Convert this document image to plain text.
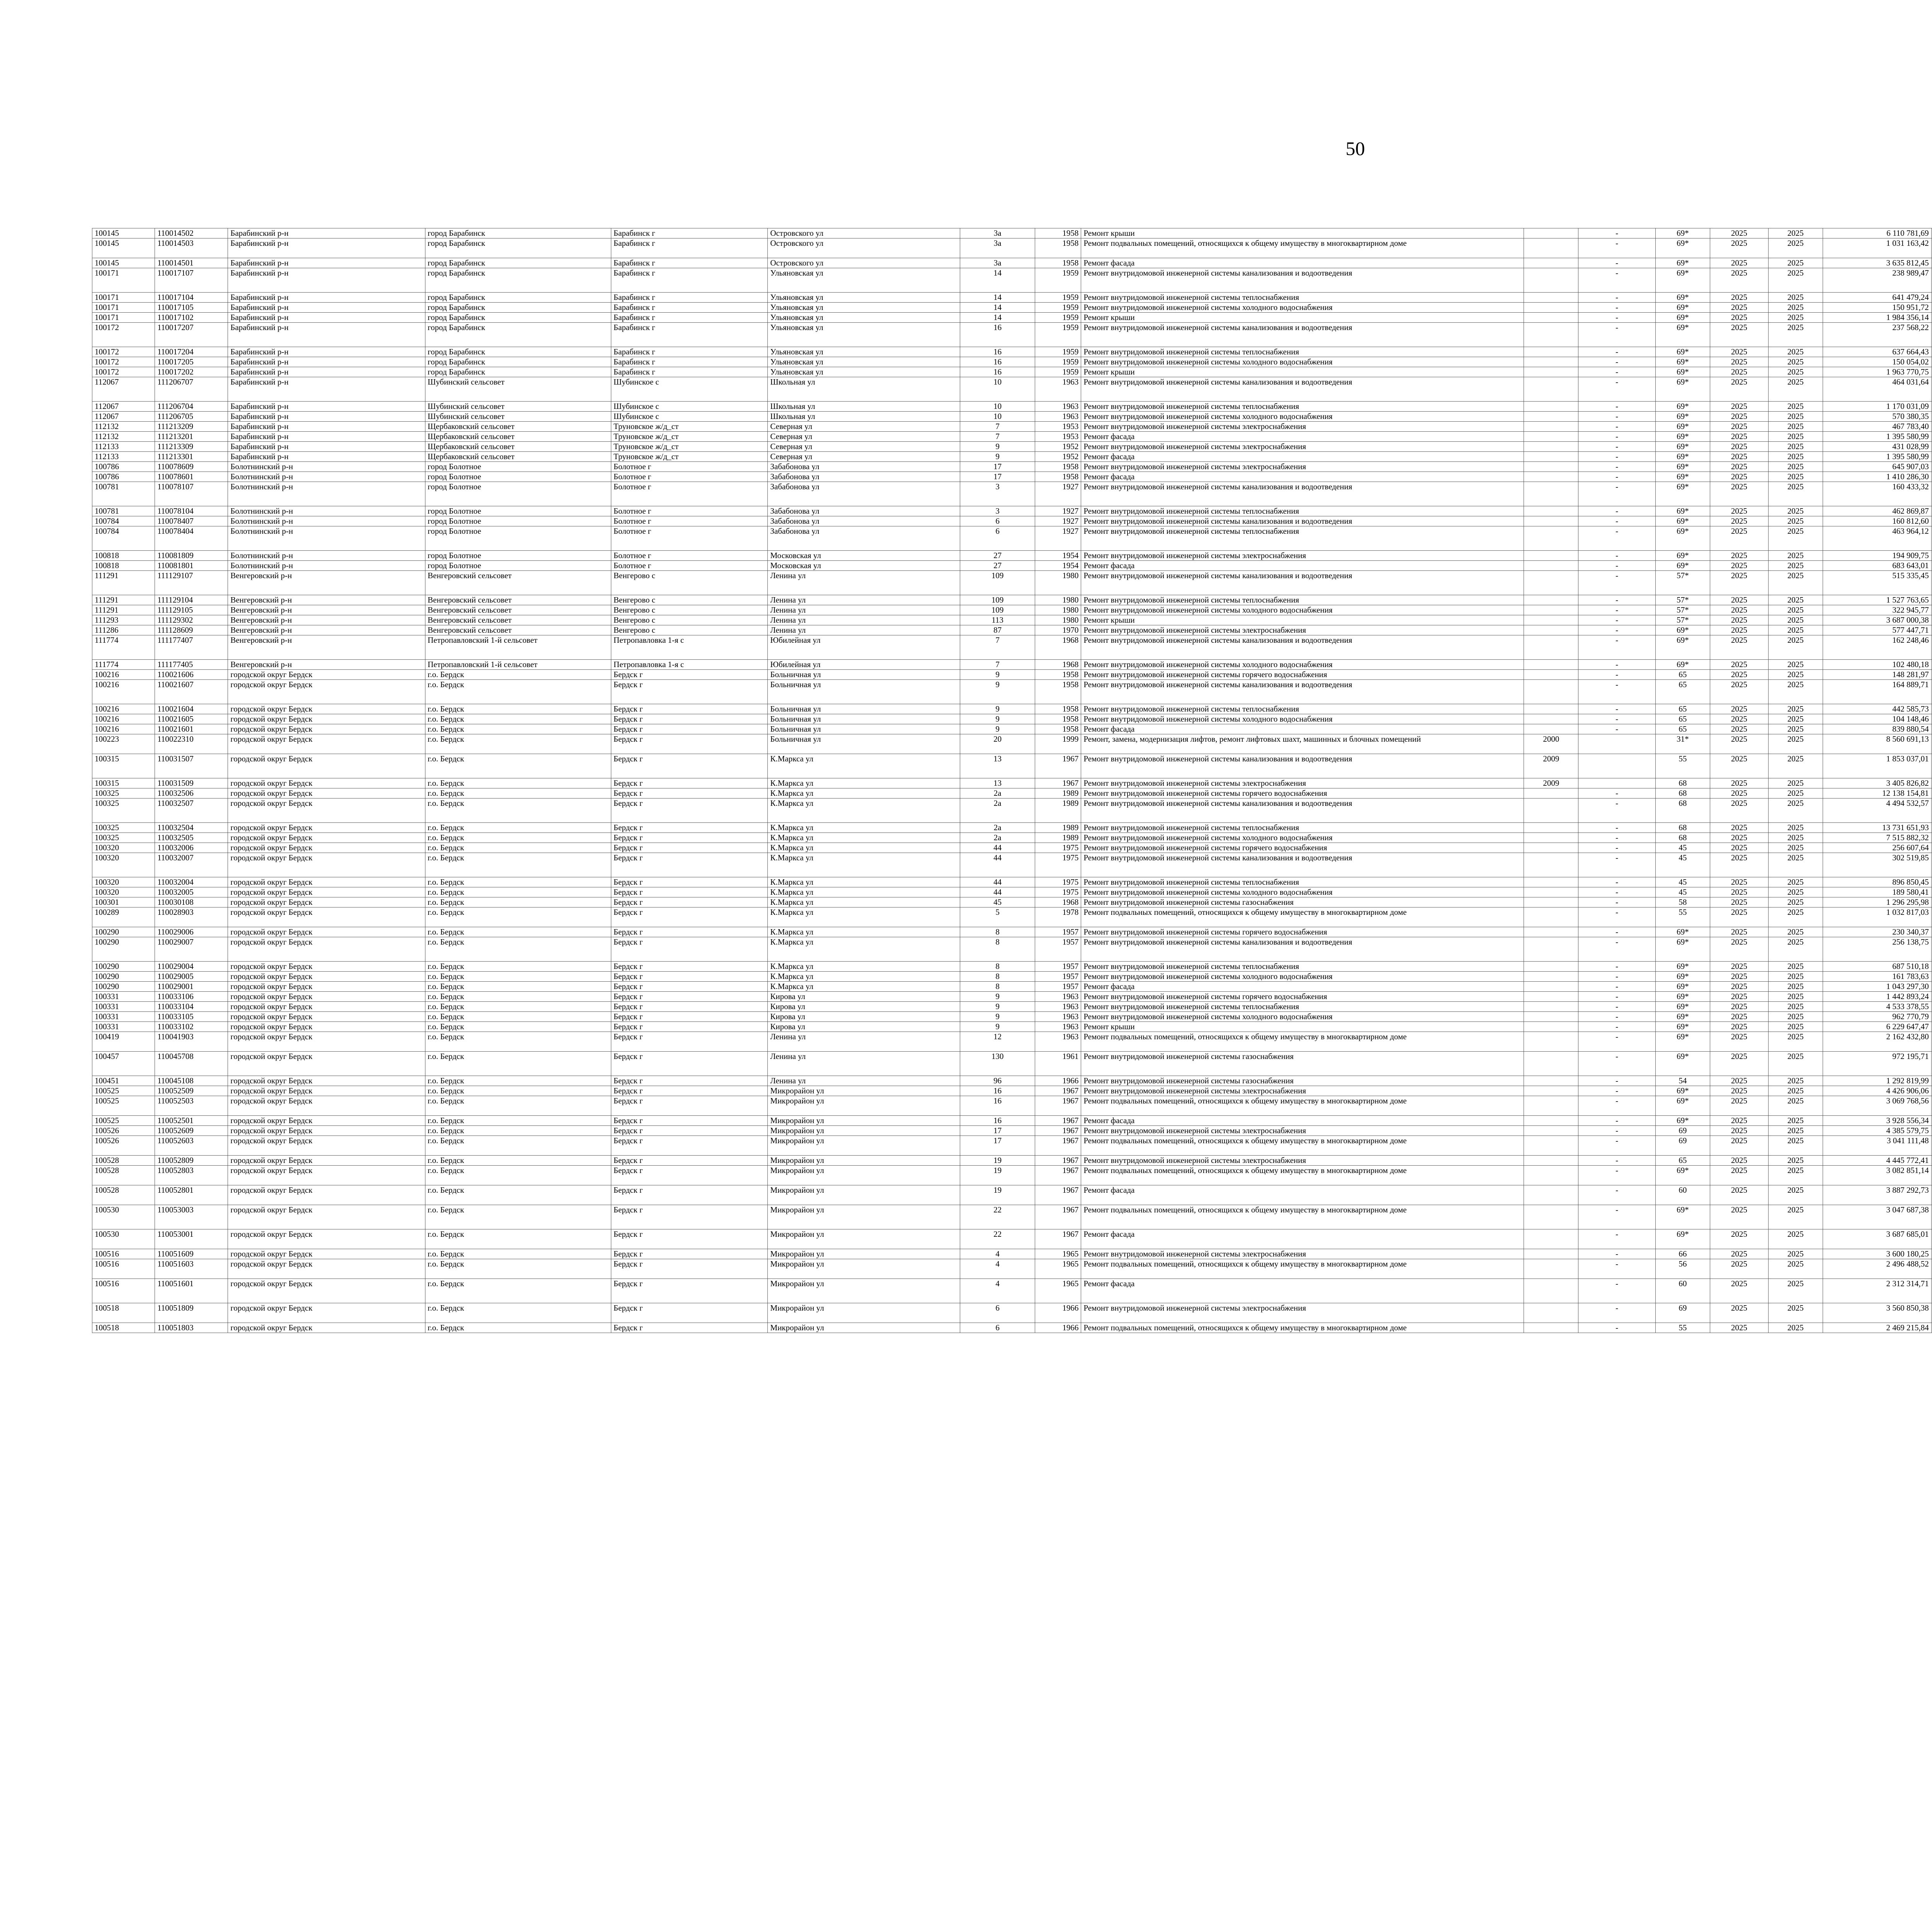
50
100145	110014502	Барабинский р-н	город Барабинск	Барабинск г	Островского ул	3а	1958	Ремонт крыши		-	69*	2025	2025	6 110 781,69								
100145	110014503	Барабинский р-н	город Барабинск	Барабинск г	Островского ул	3а	1958	Ремонт подвальных помещений, относящихся к общему имуществу в многоквартирном доме		-	69*	2025	2025	1 031 163,42								
100145	110014501	Барабинский р-н	город Барабинск	Барабинск г	Островского ул	3а	1958	Ремонт фасада		-	69*	2025	2025	3 635 812,45								
100171	110017107	Барабинский р-н	город Барабинск	Барабинск г	Ульяновская ул	14	1959	Ремонт внутридомовой инженерной системы канализования и водоотведения		-	69*	2025	2025	238 989,47								
100171	110017104	Барабинский р-н	город Барабинск	Барабинск г	Ульяновская ул	14	1959	Ремонт внутридомовой инженерной системы теплоснабжения		-	69*	2025	2025	641 479,24								
100171	110017105	Барабинский р-н	город Барабинск	Барабинск г	Ульяновская ул	14	1959	Ремонт внутридомовой инженерной системы холодного водоснабжения		-	69*	2025	2025	150 951,72								
100171	110017102	Барабинский р-н	город Барабинск	Барабинск г	Ульяновская ул	14	1959	Ремонт крыши		-	69*	2025	2025	1 984 356,14								
100172	110017207	Барабинский р-н	город Барабинск	Барабинск г	Ульяновская ул	16	1959	Ремонт внутридомовой инженерной системы канализования и водоотведения		-	69*	2025	2025	237 568,22								
100172	110017204	Барабинский р-н	город Барабинск	Барабинск г	Ульяновская ул	16	1959	Ремонт внутридомовой инженерной системы теплоснабжения		-	69*	2025	2025	637 664,43								
100172	110017205	Барабинский р-н	город Барабинск	Барабинск г	Ульяновская ул	16	1959	Ремонт внутридомовой инженерной системы холодного водоснабжения		-	69*	2025	2025	150 054,02								
100172	110017202	Барабинский р-н	город Барабинск	Барабинск г	Ульяновская ул	16	1959	Ремонт крыши		-	69*	2025	2025	1 963 770,75								
112067	111206707	Барабинский р-н	Шубинский сельсовет	Шубинское с	Школьная ул	10	1963	Ремонт внутридомовой инженерной системы канализования и водоотведения		-	69*	2025	2025	464 031,64								
112067	111206704	Барабинский р-н	Шубинский сельсовет	Шубинское с	Школьная ул	10	1963	Ремонт внутридомовой инженерной системы теплоснабжения		-	69*	2025	2025	1 170 031,09								
112067	111206705	Барабинский р-н	Шубинский сельсовет	Шубинское с	Школьная ул	10	1963	Ремонт внутридомовой инженерной системы холодного водоснабжения		-	69*	2025	2025	570 380,35								
112132	111213209	Барабинский р-н	Щербаковский сельсовет	Труновское ж/д_ст	Северная ул	7	1953	Ремонт внутридомовой инженерной системы электроснабжения		-	69*	2025	2025	467 783,40								
112132	111213201	Барабинский р-н	Щербаковский сельсовет	Труновское ж/д_ст	Северная ул	7	1953	Ремонт фасада		-	69*	2025	2025	1 395 580,99								
112133	111213309	Барабинский р-н	Щербаковский сельсовет	Труновское ж/д_ст	Северная ул	9	1952	Ремонт внутридомовой инженерной системы электроснабжения		-	69*	2025	2025	431 028,99								
112133	111213301	Барабинский р-н	Щербаковский сельсовет	Труновское ж/д_ст	Северная ул	9	1952	Ремонт фасада		-	69*	2025	2025	1 395 580,99								
100786	110078609	Болотнинский р-н	город Болотное	Болотное г	Забабонова ул	17	1958	Ремонт внутридомовой инженерной системы электроснабжения		-	69*	2025	2025	645 907,03								
100786	110078601	Болотнинский р-н	город Болотное	Болотное г	Забабонова ул	17	1958	Ремонт фасада		-	69*	2025	2025	1 410 286,30								
100781	110078107	Болотнинский р-н	город Болотное	Болотное г	Забабонова ул	3	1927	Ремонт внутридомовой инженерной системы канализования и водоотведения		-	69*	2025	2025	160 433,32								
100781	110078104	Болотнинский р-н	город Болотное	Болотное г	Забабонова ул	3	1927	Ремонт внутридомовой инженерной системы теплоснабжения		-	69*	2025	2025	462 869,87								
100784	110078407	Болотнинский р-н	город Болотное	Болотное г	Забабонова ул	6	1927	Ремонт внутридомовой инженерной системы канализования и водоотведения		-	69*	2025	2025	160 812,60								
100784	110078404	Болотнинский р-н	город Болотное	Болотное г	Забабонова ул	6	1927	Ремонт внутридомовой инженерной системы теплоснабжения		-	69*	2025	2025	463 964,12								
100818	110081809	Болотнинский р-н	город Болотное	Болотное г	Московская ул	27	1954	Ремонт внутридомовой инженерной системы электроснабжения		-	69*	2025	2025	194 909,75								
100818	110081801	Болотнинский р-н	город Болотное	Болотное г	Московская ул	27	1954	Ремонт фасада		-	69*	2025	2025	683 643,01								
111291	111129107	Венгеровский р-н	Венгеровский сельсовет	Венгерово с	Ленина ул	109	1980	Ремонт внутридомовой инженерной системы канализования и водоотведения		-	57*	2025	2025	515 335,45								
111291	111129104	Венгеровский р-н	Венгеровский сельсовет	Венгерово с	Ленина ул	109	1980	Ремонт внутридомовой инженерной системы теплоснабжения		-	57*	2025	2025	1 527 763,65								
111291	111129105	Венгеровский р-н	Венгеровский сельсовет	Венгерово с	Ленина ул	109	1980	Ремонт внутридомовой инженерной системы холодного водоснабжения		-	57*	2025	2025	322 945,77								
111293	111129302	Венгеровский р-н	Венгеровский сельсовет	Венгерово с	Ленина ул	113	1980	Ремонт крыши		-	57*	2025	2025	3 687 000,38								
111286	111128609	Венгеровский р-н	Венгеровский сельсовет	Венгерово с	Ленина ул	87	1970	Ремонт внутридомовой инженерной системы электроснабжения		-	69*	2025	2025	577 447,71								
111774	111177407	Венгеровский р-н	Петропавловский 1-й сельсовет	Петропавловка 1-я с	Юбилейная ул	7	1968	Ремонт внутридомовой инженерной системы канализования и водоотведения		-	69*	2025	2025	162 248,46								
111774	111177405	Венгеровский р-н	Петропавловский 1-й сельсовет	Петропавловка 1-я с	Юбилейная ул	7	1968	Ремонт внутридомовой инженерной системы холодного водоснабжения		-	69*	2025	2025	102 480,18								
100216	110021606	городской округ Бердск	г.о. Бердск	Бердск г	Больничная ул	9	1958	Ремонт внутридомовой инженерной системы горячего водоснабжения		-	65	2025	2025	148 281,97								
100216	110021607	городской округ Бердск	г.о. Бердск	Бердск г	Больничная ул	9	1958	Ремонт внутридомовой инженерной системы канализования и водоотведения		-	65	2025	2025	164 889,71								
100216	110021604	городской округ Бердск	г.о. Бердск	Бердск г	Больничная ул	9	1958	Ремонт внутридомовой инженерной системы теплоснабжения		-	65	2025	2025	442 585,73								
100216	110021605	городской округ Бердск	г.о. Бердск	Бердск г	Больничная ул	9	1958	Ремонт внутридомовой инженерной системы холодного водоснабжения		-	65	2025	2025	104 148,46								
100216	110021601	городской округ Бердск	г.о. Бердск	Бердск г	Больничная ул	9	1958	Ремонт фасада		-	65	2025	2025	839 880,54								
100223	110022310	городской округ Бердск	г.о. Бердск	Бердск г	Больничная ул	20	1999	Ремонт, замена, модернизация лифтов, ремонт лифтовых шахт, машинных и блочных помещений	2000		31*	2025	2025	8 560 691,13								
100315	110031507	городской округ Бердск	г.о. Бердск	Бердск г	К.Маркса ул	13	1967	Ремонт внутридомовой инженерной системы канализования и водоотведения	2009		55	2025	2025	1 853 037,01								
100315	110031509	городской округ Бердск	г.о. Бердск	Бердск г	К.Маркса ул	13	1967	Ремонт внутридомовой инженерной системы электроснабжения	2009		68	2025	2025	3 405 826,82								
100325	110032506	городской округ Бердск	г.о. Бердск	Бердск г	К.Маркса ул	2а	1989	Ремонт внутридомовой инженерной системы горячего водоснабжения		-	68	2025	2025	12 138 154,81								
100325	110032507	городской округ Бердск	г.о. Бердск	Бердск г	К.Маркса ул	2а	1989	Ремонт внутридомовой инженерной системы канализования и водоотведения		-	68	2025	2025	4 494 532,57								
100325	110032504	городской округ Бердск	г.о. Бердск	Бердск г	К.Маркса ул	2а	1989	Ремонт внутридомовой инженерной системы теплоснабжения		-	68	2025	2025	13 731 651,93								
100325	110032505	городской округ Бердск	г.о. Бердск	Бердск г	К.Маркса ул	2а	1989	Ремонт внутридомовой инженерной системы холодного водоснабжения		-	68	2025	2025	7 515 882,32								
100320	110032006	городской округ Бердск	г.о. Бердск	Бердск г	К.Маркса ул	44	1975	Ремонт внутридомовой инженерной системы горячего водоснабжения		-	45	2025	2025	256 607,64								
100320	110032007	городской округ Бердск	г.о. Бердск	Бердск г	К.Маркса ул	44	1975	Ремонт внутридомовой инженерной системы канализования и водоотведения		-	45	2025	2025	302 519,85								
100320	110032004	городской округ Бердск	г.о. Бердск	Бердск г	К.Маркса ул	44	1975	Ремонт внутридомовой инженерной системы теплоснабжения		-	45	2025	2025	896 850,45								
100320	110032005	городской округ Бердск	г.о. Бердск	Бердск г	К.Маркса ул	44	1975	Ремонт внутридомовой инженерной системы холодного водоснабжения		-	45	2025	2025	189 580,41								
100301	110030108	городской округ Бердск	г.о. Бердск	Бердск г	К.Маркса ул	45	1968	Ремонт внутридомовой инженерной системы газоснабжения		-	58	2025	2025	1 296 295,98								
100289	110028903	городской округ Бердск	г.о. Бердск	Бердск г	К.Маркса ул	5	1978	Ремонт подвальных помещений, относящихся к общему имуществу в многоквартирном доме		-	55	2025	2025	1 032 817,03								
100290	110029006	городской округ Бердск	г.о. Бердск	Бердск г	К.Маркса ул	8	1957	Ремонт внутридомовой инженерной системы горячего водоснабжения		-	69*	2025	2025	230 340,37								
100290	110029007	городской округ Бердск	г.о. Бердск	Бердск г	К.Маркса ул	8	1957	Ремонт внутридомовой инженерной системы канализования и водоотведения		-	69*	2025	2025	256 138,75								
100290	110029004	городской округ Бердск	г.о. Бердск	Бердск г	К.Маркса ул	8	1957	Ремонт внутридомовой инженерной системы теплоснабжения		-	69*	2025	2025	687 510,18								
100290	110029005	городской округ Бердск	г.о. Бердск	Бердск г	К.Маркса ул	8	1957	Ремонт внутридомовой инженерной системы холодного водоснабжения		-	69*	2025	2025	161 783,63								
100290	110029001	городской округ Бердск	г.о. Бердск	Бердск г	К.Маркса ул	8	1957	Ремонт фасада		-	69*	2025	2025	1 043 297,30								
100331	110033106	городской округ Бердск	г.о. Бердск	Бердск г	Кирова ул	9	1963	Ремонт внутридомовой инженерной системы горячего водоснабжения		-	69*	2025	2025	1 442 893,24								
100331	110033104	городской округ Бердск	г.о. Бердск	Бердск г	Кирова ул	9	1963	Ремонт внутридомовой инженерной системы теплоснабжения		-	69*	2025	2025	4 533 378,55								
100331	110033105	городской округ Бердск	г.о. Бердск	Бердск г	Кирова ул	9	1963	Ремонт внутридомовой инженерной системы холодного водоснабжения		-	69*	2025	2025	962 770,79								
100331	110033102	городской округ Бердск	г.о. Бердск	Бердск г	Кирова ул	9	1963	Ремонт крыши		-	69*	2025	2025	6 229 647,47								
100419	110041903	городской округ Бердск	г.о. Бердск	Бердск г	Ленина ул	12	1963	Ремонт подвальных помещений, относящихся к общему имуществу в многоквартирном доме		-	69*	2025	2025	2 162 432,80								
100457	110045708	городской округ Бердск	г.о. Бердск	Бердск г	Ленина ул	130	1961	Ремонт внутридомовой инженерной системы газоснабжения		-	69*	2025	2025	972 195,71								
100451	110045108	городской округ Бердск	г.о. Бердск	Бердск г	Ленина ул	96	1966	Ремонт внутридомовой инженерной системы газоснабжения		-	54	2025	2025	1 292 819,99								
100525	110052509	городской округ Бердск	г.о. Бердск	Бердск г	Микрорайон ул	16	1967	Ремонт внутридомовой инженерной системы электроснабжения		-	69*	2025	2025	4 426 906,06								
100525	110052503	городской округ Бердск	г.о. Бердск	Бердск г	Микрорайон ул	16	1967	Ремонт подвальных помещений, относящихся к общему имуществу в многоквартирном доме		-	69*	2025	2025	3 069 768,56								
100525	110052501	городской округ Бердск	г.о. Бердск	Бердск г	Микрорайон ул	16	1967	Ремонт фасада		-	69*	2025	2025	3 928 556,34								
100526	110052609	городской округ Бердск	г.о. Бердск	Бердск г	Микрорайон ул	17	1967	Ремонт внутридомовой инженерной системы электроснабжения		-	69	2025	2025	4 385 579,75								
100526	110052603	городской округ Бердск	г.о. Бердск	Бердск г	Микрорайон ул	17	1967	Ремонт подвальных помещений, относящихся к общему имуществу в многоквартирном доме		-	69	2025	2025	3 041 111,48								
100528	110052809	городской округ Бердск	г.о. Бердск	Бердск г	Микрорайон ул	19	1967	Ремонт внутридомовой инженерной системы электроснабжения		-	65	2025	2025	4 445 772,41								
100528	110052803	городской округ Бердск	г.о. Бердск	Бердск г	Микрорайон ул	19	1967	Ремонт подвальных помещений, относящихся к общему имуществу в многоквартирном доме		-	69*	2025	2025	3 082 851,14								
100528	110052801	городской округ Бердск	г.о. Бердск	Бердск г	Микрорайон ул	19	1967	Ремонт фасада		-	60	2025	2025	3 887 292,73								
100530	110053003	городской округ Бердск	г.о. Бердск	Бердск г	Микрорайон ул	22	1967	Ремонт подвальных помещений, относящихся к общему имуществу в многоквартирном доме		-	69*	2025	2025	3 047 687,38								
100530	110053001	городской округ Бердск	г.о. Бердск	Бердск г	Микрорайон ул	22	1967	Ремонт фасада		-	69*	2025	2025	3 687 685,01								
100516	110051609	городской округ Бердск	г.о. Бердск	Бердск г	Микрорайон ул	4	1965	Ремонт внутридомовой инженерной системы электроснабжения		-	66	2025	2025	3 600 180,25								
100516	110051603	городской округ Бердск	г.о. Бердск	Бердск г	Микрорайон ул	4	1965	Ремонт подвальных помещений, относящихся к общему имуществу в многоквартирном доме		-	56	2025	2025	2 496 488,52								
100516	110051601	городской округ Бердск	г.о. Бердск	Бердск г	Микрорайон ул	4	1965	Ремонт фасада		-	60	2025	2025	2 312 314,71								
100518	110051809	городской округ Бердск	г.о. Бердск	Бердск г	Микрорайон ул	6	1966	Ремонт внутридомовой инженерной системы электроснабжения		-	69	2025	2025	3 560 850,38								
100518	110051803	городской округ Бердск	г.о. Бердск	Бердск г	Микрорайон ул	6	1966	Ремонт подвальных помещений, относящихся к общему имуществу в многоквартирном доме		-	55	2025	2025	2 469 215,84								
